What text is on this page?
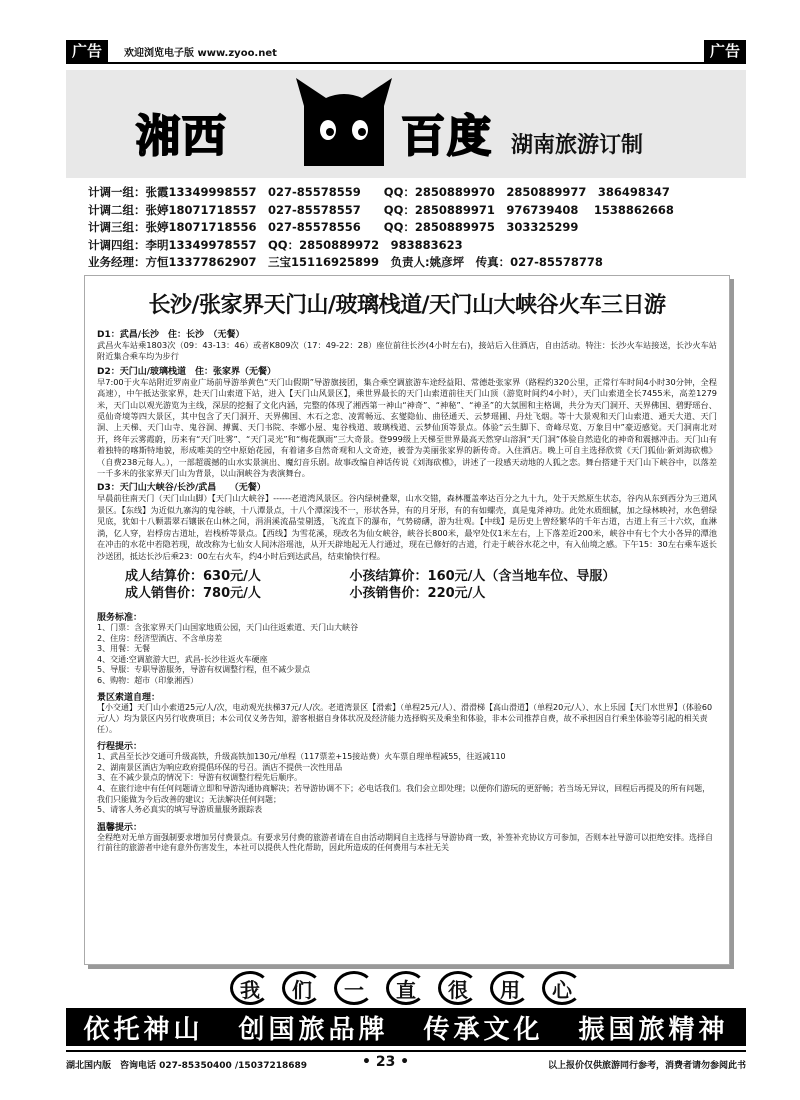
广告	欢迎浏览电子版 www.zyoo.net	广告
湘西	百度 湖南旅游订制
计调一组：张霞13349998557　027-85578559　　QQ：2850889970　2850889977　386498347
计调二组：张婷18071718557　027-85578557　　QQ：2850889971　976739408　 1538862668
计调三组：张婷18071718556　027-85578556　　QQ：2850889975　303325299
计调四组：李明13349978557　QQ：2850889972　983883623
业务经理：方恒13377862907　三宝15116925899　负责人:姚彦坪　传真：027-85578778
长沙/张家界天门山/玻璃栈道/天门山大峡谷火车三日游
D1：武昌/长沙　住：长沙　（无餐）
武昌火车站乘1803次（09：43-13：46）或者K809次（17：49-22：28）座位前往长沙(4小时左右)，接站后入住酒店，自由活动。特注：长沙火车站接送，长沙火车站附近集合乘车均为步行
D2：天门山/玻璃栈道　住：张家界（无餐）
早7:00于火车站附近罗南业广场前导游举黄色“天门山假期”导游旗接团，集合乘空调旅游车途经益阳、常德赴张家界（路程约320公里，正常行车时间4小时30分钟，全程高速），中午抵达张家界，赴天门山索道下站，进入【天门山风景区】，乘世界最长的天门山索道前往天门山顶（游览时间约4小时），天门山索道全长7455米，高差1279米，天门山以观光游览为主线，深层的挖掘了文化内涵，完整的体现了湘西第一神山“神奇”、“神秘”、“神圣”的大氛围和主格调，共分为天门洞开、天界佛国、碧野瑶台、觅仙奇境等四大景区，其中包含了天门洞开、天界佛国、木石之恋、凌霄畅远、玄燮隐仙、曲径通天、云梦瑶圃、丹灶飞烟。等十大景观和天门山索道、通天大道、天门洞、上天梯、天门山寺、鬼谷洞、搏翼、天门书院、李娜小屋、鬼谷栈道、玻璃栈道、云梦仙顶等景点。体验“云生脚下、奇峰尽览、万象目中”豪迈感觉。天门洞南北对开，终年云雾霞蔚，历来有“天门吐雾”、“天门灵光”和“梅花飘雨”三大奇景。登999级上天梯至世界最高天然穿山溶洞“天门洞”体验自然造化的神奇和震撼冲击。天门山有着独特的喀斯特地貌，形成唯美的空中原始花园，有着诸多自然奇观和人文奇迹，被誉为美丽张家界的新传奇。入住酒店。晚上可自主选择欣赏《天门狐仙·新刘海砍樵》（自费238元每人。），一部超震撼的山水实景演出、魔幻音乐剧。故事改编自神话传说《刘海砍樵》，讲述了一段感天动地的人狐之恋。舞台搭建于天门山下峡谷中，以落差一千多米的张家界天门山为背景，以山洞峡谷为表演舞台。
D3：天门山大峡谷/长沙/武昌　　（无餐）
早晨前往南天门（天门山山脚）【天门山大峡谷】------老道湾风景区。谷内绿树叠翠，山水交错，森林覆盖率达百分之九十九，处于天然原生状态，谷内从东到西分为三道风景区。【东线】为近似九寨沟的鬼谷峡，十八潭景点，十八个潭深浅不一，形状各异，有的月牙形，有的有如螺壳，真是鬼斧神功。此处水质细腻，加之绿林映衬，水色碧绿见底，犹如十八颗翡翠石镶嵌在山林之间，涓涓溪流晶莹剔透，飞流直下的瀑布，气势磅礴，游为壮观。【中线】是历史上曾经繁华的千年古道，古道上有三十六炊，血淋淌，亿人穿，岩桴房古道址，岩栈桥等景点。【西线】为雪花溪，现改名为仙女峡谷，峡谷长800米，最窄处仅1米左右，上下落差近200米，峡谷中有七个大小各异的潭池在冲击的水花中若隐若现，故改称为七仙女人间沐浴瑶池，从开天辟地起无人行通过，现在已修好的古道，行走于峡谷水花之中，有入仙境之感。下午15：30左右乘车返长沙送团，抵达长沙后乘23：00左右火车，约4小时后到达武昌，结束愉快行程。
成人结算价：630元/人	小孩结算价：160元/人（含当地车位、导服）
成人销售价：780元/人	小孩销售价：220元/人
服务标准：
1、门票：含张家界天门山国家地质公园，天门山往返索道、天门山大峡谷
2、住房：经济型酒店、不含单房差
3、用餐：无餐
4、交通:空调旅游大巴，武昌-长沙往返火车硬座
5、导服：专职导游服务，导游有权调整行程，但不减少景点
6、购物：超市（印象湘西）
景区索道自理：
【小交通】天门山小索道25元/人/次，电动观光扶梯37元/人/次。老道湾景区【滑索】（单程25元/人）、滑滑梯【高山滑道】（单程20元/人）、水上乐园【天门水世界】（体验60元/人）均为景区内另行收费项目；本公司仅义务告知，游客根据自身体状况及经济能力选择购买及乘坐和体验，非本公司推荐自费，故不承担因自行乘坐体验等引起的相关责任）。
行程提示：
1、武昌至长沙交通可升级高铁，升级高铁加130元/单程（117票差+15接站费）火车票自理单程减55，往返减110
2、湖南景区酒店为响应政府提倡环保的号召。酒店不提供一次性用品
3、在不减少景点的情况下：导游有权调整行程先后顺序。
4、在旅行途中有任何问题请立即和导游沟通协商解决；若导游协调不下；必电话我们。我们会立即处理；以便你们游玩的更舒畅；若当场无异议，回程后再提及的所有问题，我们只能做为今后改善的建议；无法解决任何问题；
5、请客人务必真实的填写导游质量服务跟踪表
温馨提示：
全程绝对无单方面强制要求增加另付费景点。有要求另付费的旅游者请在自由活动期间自主选择与导游协商一致，补签补充协议方可参加，否则本社导游可以拒绝安排。选择自行前往的旅游者中途有意外伤害发生，本社可以提供人性化帮助，因此所造成的任何费用与本社无关
我	们	一	直	很	用	心
依托神山 创国旅品牌 传承文化 振国旅精神
湖北国内版　咨询电话 027-85350400 /15037218689	• 23 •	以上报价仅供旅游同行参考，消费者请勿参阅此书
